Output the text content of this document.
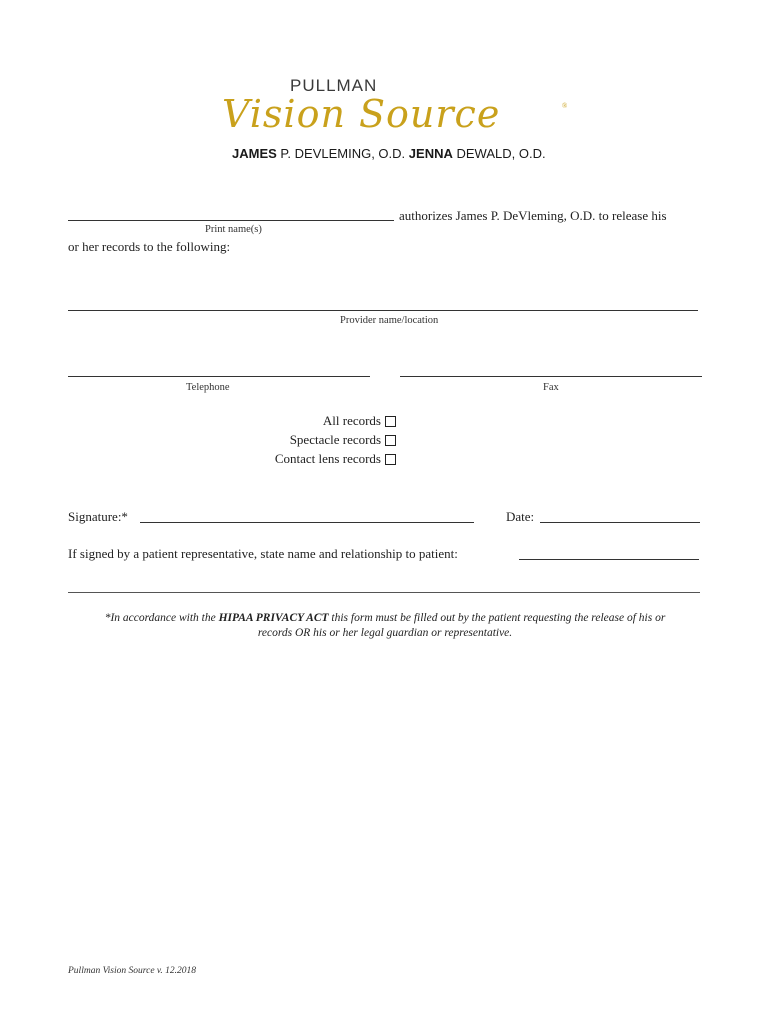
PULLMAN
Vision Source	®
JAMES P. DEVLEMING, O.D. JENNA DEWALD, O.D.
authorizes James P. DeVleming, O.D. to release his
Print name(s)
or her records to the following:
Provider name/location
Telephone	Fax
All records
Spectacle records
Contact lens records
Signature:*	Date:
If signed by a patient representative, state name and relationship to patient:
*In accordance with the HIPAA PRIVACY ACT this form must be filled out by the patient requesting the release of his or
records OR his or her legal guardian or representative.
Pullman Vision Source v. 12.2018
